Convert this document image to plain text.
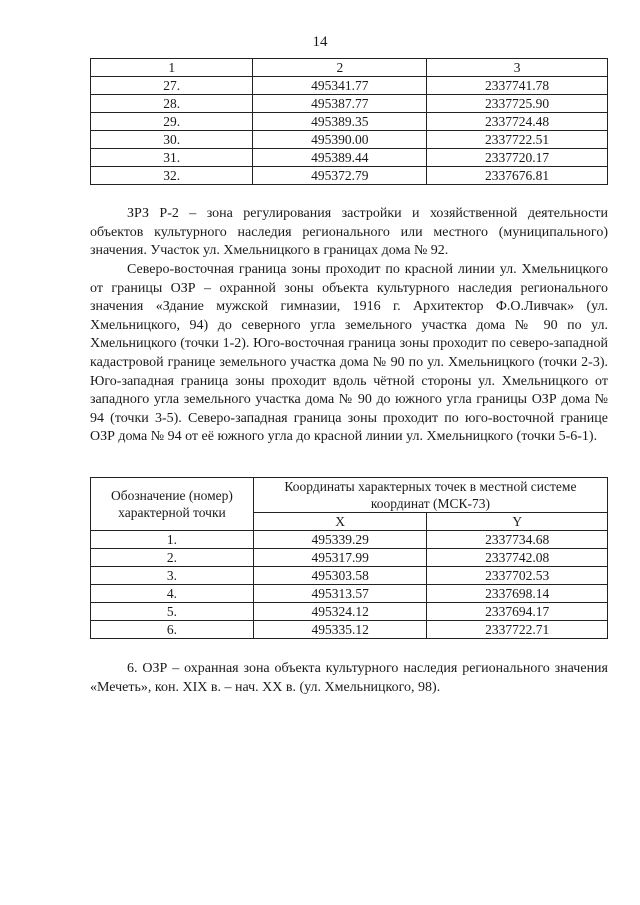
14
1	2	3
27.	495341.77	2337741.78
28.	495387.77	2337725.90
29.	495389.35	2337724.48
30.	495390.00	2337722.51
31.	495389.44	2337720.17
32.	495372.79	2337676.81

ЗРЗ Р-2 – зона регулирования застройки и хозяйственной деятельности объектов культурного наследия регионального или местного (муниципального) значения. Участок ул. Хмельницкого в границах дома № 92.

Северо-восточная граница зоны проходит по красной линии ул. Хмельницкого от границы ОЗР – охранной зоны объекта культурного наследия регионального значения «Здание мужской гимназии, 1916 г. Архитектор Ф.О.Ливчак» (ул. Хмельницкого, 94) до северного угла земельного участка дома № 90 по ул. Хмельницкого (точки 1-2). Юго-восточная граница зоны проходит по северо-западной кадастровой границе земельного участка дома № 90 по ул. Хмельницкого (точки 2-3). Юго-западная граница зоны проходит вдоль чётной стороны ул. Хмельницкого от западного угла земельного участка дома № 90 до южного угла границы ОЗР дома № 94 (точки 3-5). Северо-западная граница зоны проходит по юго-восточной границе ОЗР дома № 94 от её южного угла до красной линии ул. Хмельницкого (точки 5-6-1).

Обозначение (номер) характерной точки	Координаты характерных точек в местной системе координат (МСК-73)	
	X	Y
1.	495339.29	2337734.68
2.	495317.99	2337742.08
3.	495303.58	2337702.53
4.	495313.57	2337698.14
5.	495324.12	2337694.17
6.	495335.12	2337722.71

6. ОЗР – охранная зона объекта культурного наследия регионального значения «Мечеть», кон. XIX в. – нач. XX в. (ул. Хмельницкого, 98).
